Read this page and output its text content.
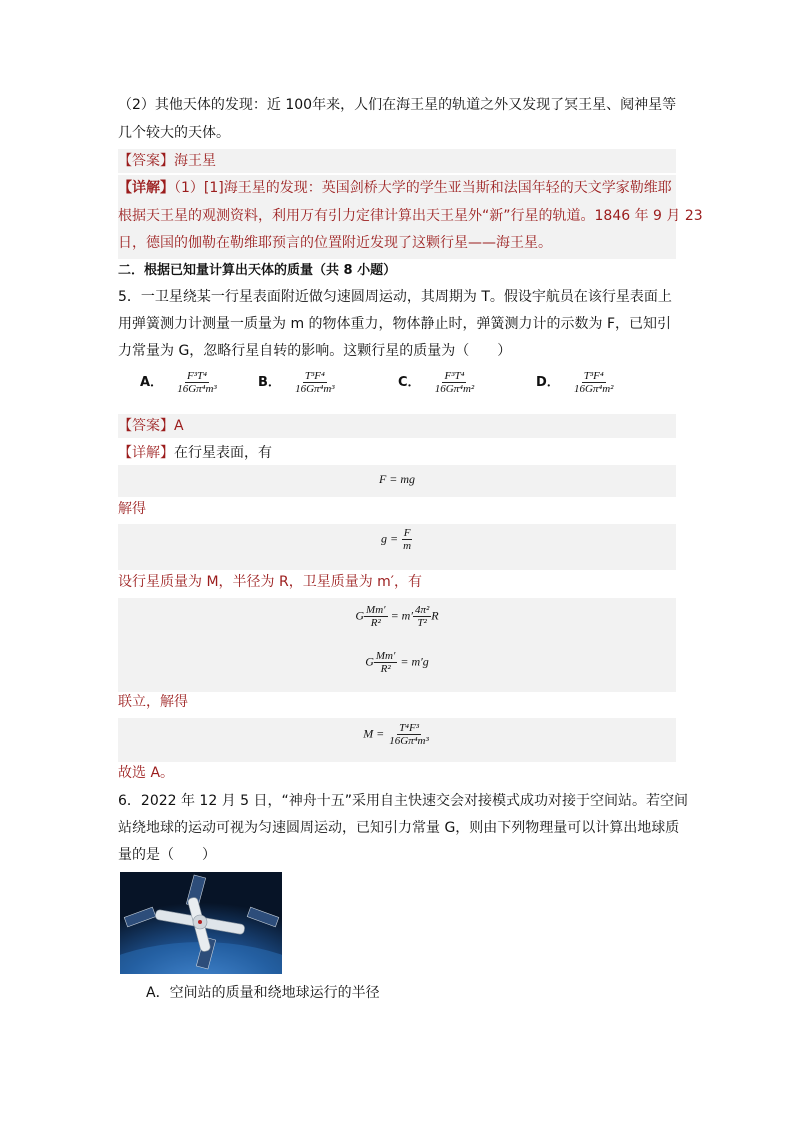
（2）其他天体的发现：近 100年来，人们在海王星的轨道之外又发现了冥王星、阋神星等
几个较大的天体。
【答案】海王星
【详解】（1）[1]海王星的发现：英国剑桥大学的学生亚当斯和法国年轻的天文学家勒维耶
根据天王星的观测资料，利用万有引力定律计算出天王星外“新”行星的轨道。1846 年 9 月 23
日，德国的伽勒在勒维耶预言的位置附近发现了这颗行星——海王星。
二．根据已知量计算出天体的质量（共 8 小题）
5．一卫星绕某一行星表面附近做匀速圆周运动，其周期为 T。假设宇航员在该行星表面上
用弹簧测力计测量一质量为 m 的物体重力，物体静止时，弹簧测力计的示数为 F，已知引
力常量为 G，忽略行星自转的影响。这颗行星的质量为（　　）
A． $\frac{\text{F³T⁴}}{\text{16Gπ⁴m³}}$	B． $\frac{\text{T³F⁴}}{\text{16Gπ⁴m³}}$	C． $\frac{\text{F³T⁴}}{\text{16Gπ⁴m²}}$	D． $\frac{\text{T³F⁴}}{\text{16Gπ⁴m²}}$
【答案】A
【详解】在行星表面，有
F = mg
解得
$g = \frac{F}{m}$
设行星质量为 M，半径为 R，卫星质量为 m′，有
G $\frac{Mm'}{\text{R²}} = m' \frac{\text{4π²}}{\text{T²}}$ R
G $\frac{Mm'}{\text{R²}} = m'g$
联立，解得
$M = \frac{\text{T⁴F³}}{\text{16Gπ⁴m³}}$
故选 A。
6．2022 年 12 月 5 日，“神舟十五”采用自主快速交会对接模式成功对接于空间站。若空间
站绕地球的运动可视为匀速圆周运动，已知引力常量 G，则由下列物理量可以计算出地球质
量的是（　　）
A．空间站的质量和绕地球运行的半径
